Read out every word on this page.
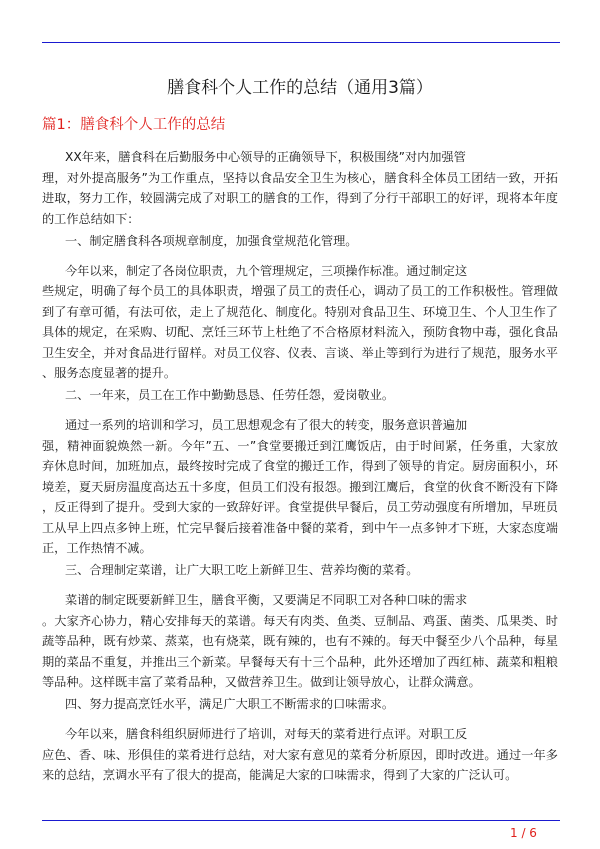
膳食科个人工作的总结（通用3篇）
篇1：膳食科个人工作的总结
XX年来，膳食科在后勤服务中心领导的正确领导下，积极围绕”对内加强管
理，对外提高服务”为工作重点，坚持以食品安全卫生为核心，膳食科全体员工团结一致，开拓
进取，努力工作，较圆满完成了对职工的膳食的工作，得到了分行干部职工的好评，现将本年度
的工作总结如下：
一、制定膳食科各项规章制度，加强食堂规范化管理。
今年以来，制定了各岗位职责，九个管理规定，三项操作标准。通过制定这
些规定，明确了每个员工的具体职责，增强了员工的责任心，调动了员工的工作积极性。管理做
到了有章可循，有法可依，走上了规范化、制度化。特别对食品卫生、环境卫生、个人卫生作了
具体的规定，在采购、切配、烹饪三环节上杜绝了不合格原材料流入，预防食物中毒，强化食品
卫生安全，并对食品进行留样。对员工仪容、仪表、言谈、举止等到行为进行了规范，服务水平
、服务态度显著的提升。
二、一年来，员工在工作中勤勤恳恳、任劳任怨，爱岗敬业。
通过一系列的培训和学习，员工思想观念有了很大的转变，服务意识普遍加
强，精神面貌焕然一新。今年”五、一”食堂要搬迁到江鹰饭店，由于时间紧，任务重，大家放
弃休息时间，加班加点，最终按时完成了食堂的搬迁工作，得到了领导的肯定。厨房面积小，环
境差，夏天厨房温度高达五十多度，但员工们没有报怨。搬到江鹰后，食堂的伙食不断没有下降
，反正得到了提升。受到大家的一致辞好评。食堂提供早餐后，员工劳动强度有所增加，早班员
工从早上四点多钟上班，忙完早餐后接着准备中餐的菜肴，到中午一点多钟才下班，大家态度端
正，工作热情不减。
三、合理制定菜谱，让广大职工吃上新鲜卫生、营养均衡的菜肴。
菜谱的制定既要新鲜卫生，膳食平衡，又要满足不同职工对各种口味的需求
。大家齐心协力，精心安排每天的菜谱。每天有肉类、鱼类、豆制品、鸡蛋、菌类、瓜果类、时
蔬等品种，既有炒菜、蒸菜，也有烧菜，既有辣的，也有不辣的。每天中餐至少八个品种，每星
期的菜品不重复，并推出三个新菜。早餐每天有十三个品种，此外还增加了西红柿、蔬菜和粗粮
等品种。这样既丰富了菜肴品种，又做营养卫生。做到让领导放心，让群众满意。
四、努力提高烹饪水平，满足广大职工不断需求的口味需求。
今年以来，膳食科组织厨师进行了培训，对每天的菜肴进行点评。对职工反
应色、香、味、形俱佳的菜肴进行总结，对大家有意见的菜肴分析原因，即时改进。通过一年多
来的总结，烹调水平有了很大的提高，能满足大家的口味需求，得到了大家的广泛认可。
1 / 6
